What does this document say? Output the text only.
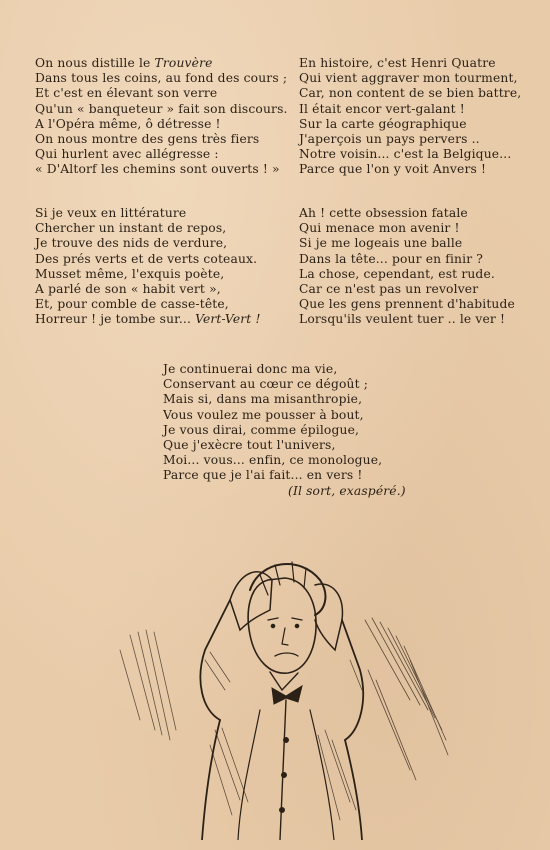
On nous distille le Trouvère
Dans tous les coins, au fond des cours ;
Et c'est en élevant son verre
Qu'un « banqueteur » fait son discours.
A l'Opéra même, ô détresse !
On nous montre des gens très fiers
Qui hurlent avec allégresse :
« D'Altorf les chemins sont ouverts ! »
En histoire, c'est Henri Quatre
Qui vient aggraver mon tourment,
Car, non content de se bien battre,
Il était encor vert-galant !
Sur la carte géographique
J'aperçois un pays pervers ..
Notre voisin... c'est la Belgique...
Parce que l'on y voit Anvers !
Si je veux en littérature
Chercher un instant de repos,
Je trouve des nids de verdure,
Des prés verts et de verts coteaux.
Musset même, l'exquis poète,
A parlé de son « habit vert »,
Et, pour comble de casse-tête,
Horreur ! je tombe sur... Vert-Vert !
Ah ! cette obsession fatale
Qui menace mon avenir !
Si je me logeais une balle
Dans la tête... pour en finir ?
La chose, cependant, est rude.
Car ce n'est pas un revolver
Que les gens prennent d'habitude
Lorsqu'ils veulent tuer .. le ver !
Je continuerai donc ma vie,
Conservant au cœur ce dégoût ;
Mais si, dans ma misanthropie,
Vous voulez me pousser à bout,
Je vous dirai, comme épilogue,
Que j'exècre tout l'univers,
Moi... vous... enfin, ce monologue,
Parce que je l'ai fait... en vers !
(Il sort, exaspéré.)
